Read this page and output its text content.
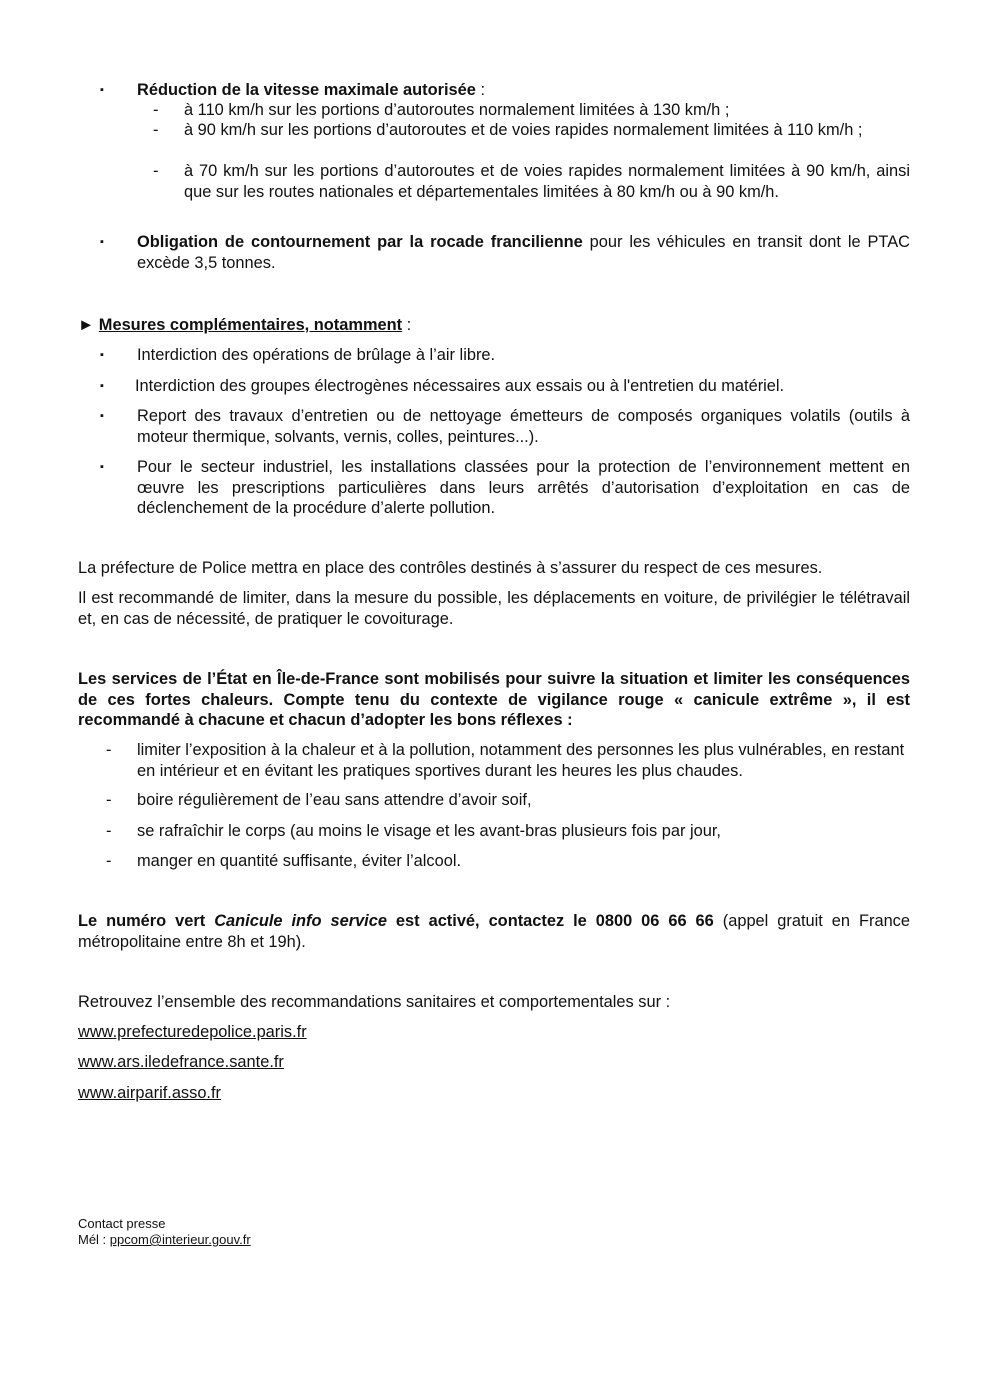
▪ Réduction de la vitesse maximale autorisée :
- à 110 km/h sur les portions d’autoroutes normalement limitées à 130 km/h ;
- à 90 km/h sur les portions d’autoroutes et de voies rapides normalement limitées à 110 km/h ;
- à 70 km/h sur les portions d’autoroutes et de voies rapides normalement limitées à 90 km/h, ainsi que sur les routes nationales et départementales limitées à 80 km/h ou à 90 km/h.
▪ Obligation de contournement par la rocade francilienne pour les véhicules en transit dont le PTAC excède 3,5 tonnes.
► Mesures complémentaires, notamment :
▪ Interdiction des opérations de brûlage à l’air libre.
▪ Interdiction des groupes électrogènes nécessaires aux essais ou à l'entretien du matériel.
▪ Report des travaux d’entretien ou de nettoyage émetteurs de composés organiques volatils (outils à moteur thermique, solvants, vernis, colles, peintures...).
▪ Pour le secteur industriel, les installations classées pour la protection de l’environnement mettent en œuvre les prescriptions particulières dans leurs arrêtés d’autorisation d’exploitation en cas de déclenchement de la procédure d’alerte pollution.
La préfecture de Police mettra en place des contrôles destinés à s’assurer du respect de ces mesures.
Il est recommandé de limiter, dans la mesure du possible, les déplacements en voiture, de privilégier le télétravail et, en cas de nécessité, de pratiquer le covoiturage.
Les services de l’État en Île-de-France sont mobilisés pour suivre la situation et limiter les conséquences de ces fortes chaleurs. Compte tenu du contexte de vigilance rouge « canicule extrême », il est recommandé à chacune et chacun d’adopter les bons réflexes :
- limiter l’exposition à la chaleur et à la pollution, notamment des personnes les plus vulnérables, en restant en intérieur et en évitant les pratiques sportives durant les heures les plus chaudes.
- boire régulièrement de l’eau sans attendre d’avoir soif,
- se rafraîchir le corps (au moins le visage et les avant-bras plusieurs fois par jour,
- manger en quantité suffisante, éviter l’alcool.
Le numéro vert Canicule info service est activé, contactez le 0800 06 66 66 (appel gratuit en France métropolitaine entre 8h et 19h).
Retrouvez l’ensemble des recommandations sanitaires et comportementales sur :
www.prefecturedepolice.paris.fr
www.ars.iledefrance.sante.fr
www.airparif.asso.fr
Contact presse
Mél : ppcom@interieur.gouv.fr
